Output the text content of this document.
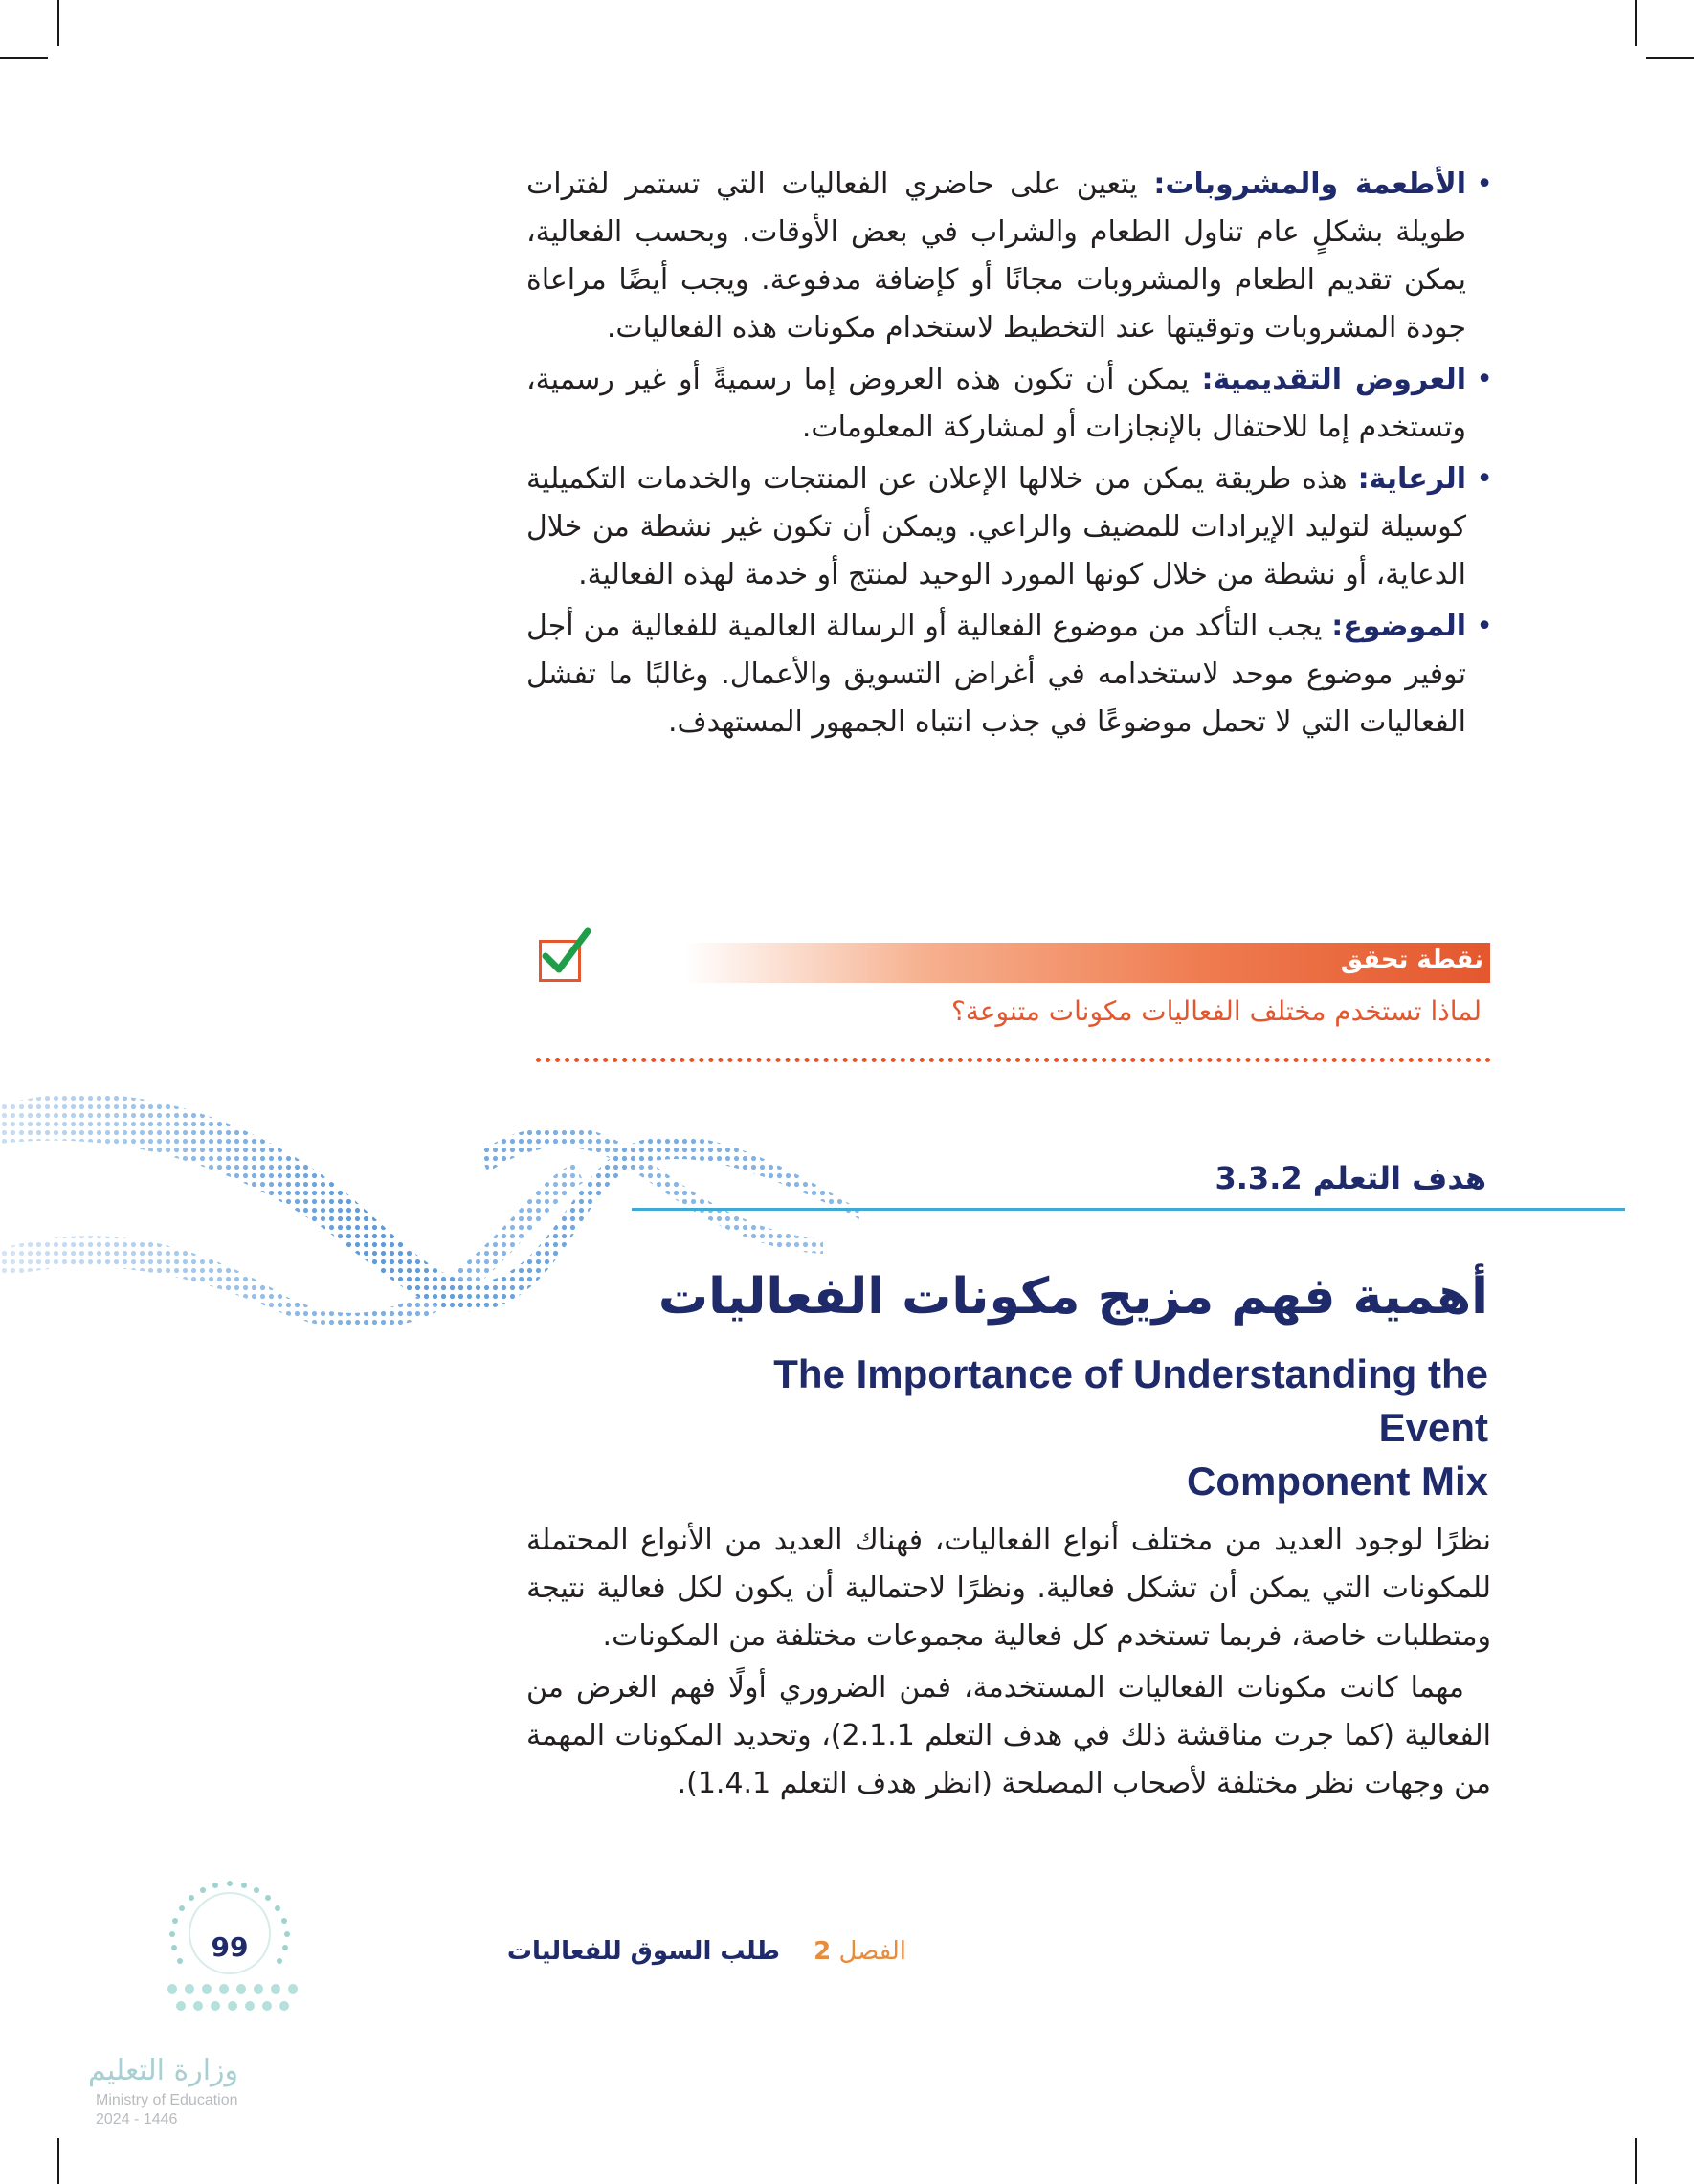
• الأطعمة والمشروبات: يتعين على حاضري الفعاليات التي تستمر لفترات طويلة بشكلٍ عام تناول الطعام والشراب في بعض الأوقات. وبحسب الفعالية، يمكن تقديم الطعام والمشروبات مجانًا أو كإضافة مدفوعة. ويجب أيضًا مراعاة جودة المشروبات وتوقيتها عند التخطيط لاستخدام مكونات هذه الفعاليات.
• العروض التقديمية: يمكن أن تكون هذه العروض إما رسميةً أو غير رسمية، وتستخدم إما للاحتفال بالإنجازات أو لمشاركة المعلومات.
• الرعاية: هذه طريقة يمكن من خلالها الإعلان عن المنتجات والخدمات التكميلية كوسيلة لتوليد الإيرادات للمضيف والراعي. ويمكن أن تكون غير نشطة من خلال الدعاية، أو نشطة من خلال كونها المورد الوحيد لمنتج أو خدمة لهذه الفعالية.
• الموضوع: يجب التأكد من موضوع الفعالية أو الرسالة العالمية للفعالية من أجل توفير موضوع موحد لاستخدامه في أغراض التسويق والأعمال. وغالبًا ما تفشل الفعاليات التي لا تحمل موضوعًا في جذب انتباه الجمهور المستهدف.
نقطة تحقق
لماذا تستخدم مختلف الفعاليات مكونات متنوعة؟
هدف التعلم 3.3.2
أهمية فهم مزيج مكونات الفعاليات
The Importance of Understanding the Event
Component Mix

نظرًا لوجود العديد من مختلف أنواع الفعاليات، فهناك العديد من الأنواع المحتملة للمكونات التي يمكن أن تشكل فعالية. ونظرًا لاحتمالية أن يكون لكل فعالية نتيجة ومتطلبات خاصة، فربما تستخدم كل فعالية مجموعات مختلفة من المكونات.

مهما كانت مكونات الفعاليات المستخدمة، فمن الضروري أولًا فهم الغرض من الفعالية (كما جرت مناقشة ذلك في هدف التعلم 2.1.1)، وتحديد المكونات المهمة من وجهات نظر مختلفة لأصحاب المصلحة (انظر هدف التعلم 1.4.1).

99	الفصل 2 طلب السوق للفعاليات
وزارة التعليم
Ministry of Education
2024 - 1446
